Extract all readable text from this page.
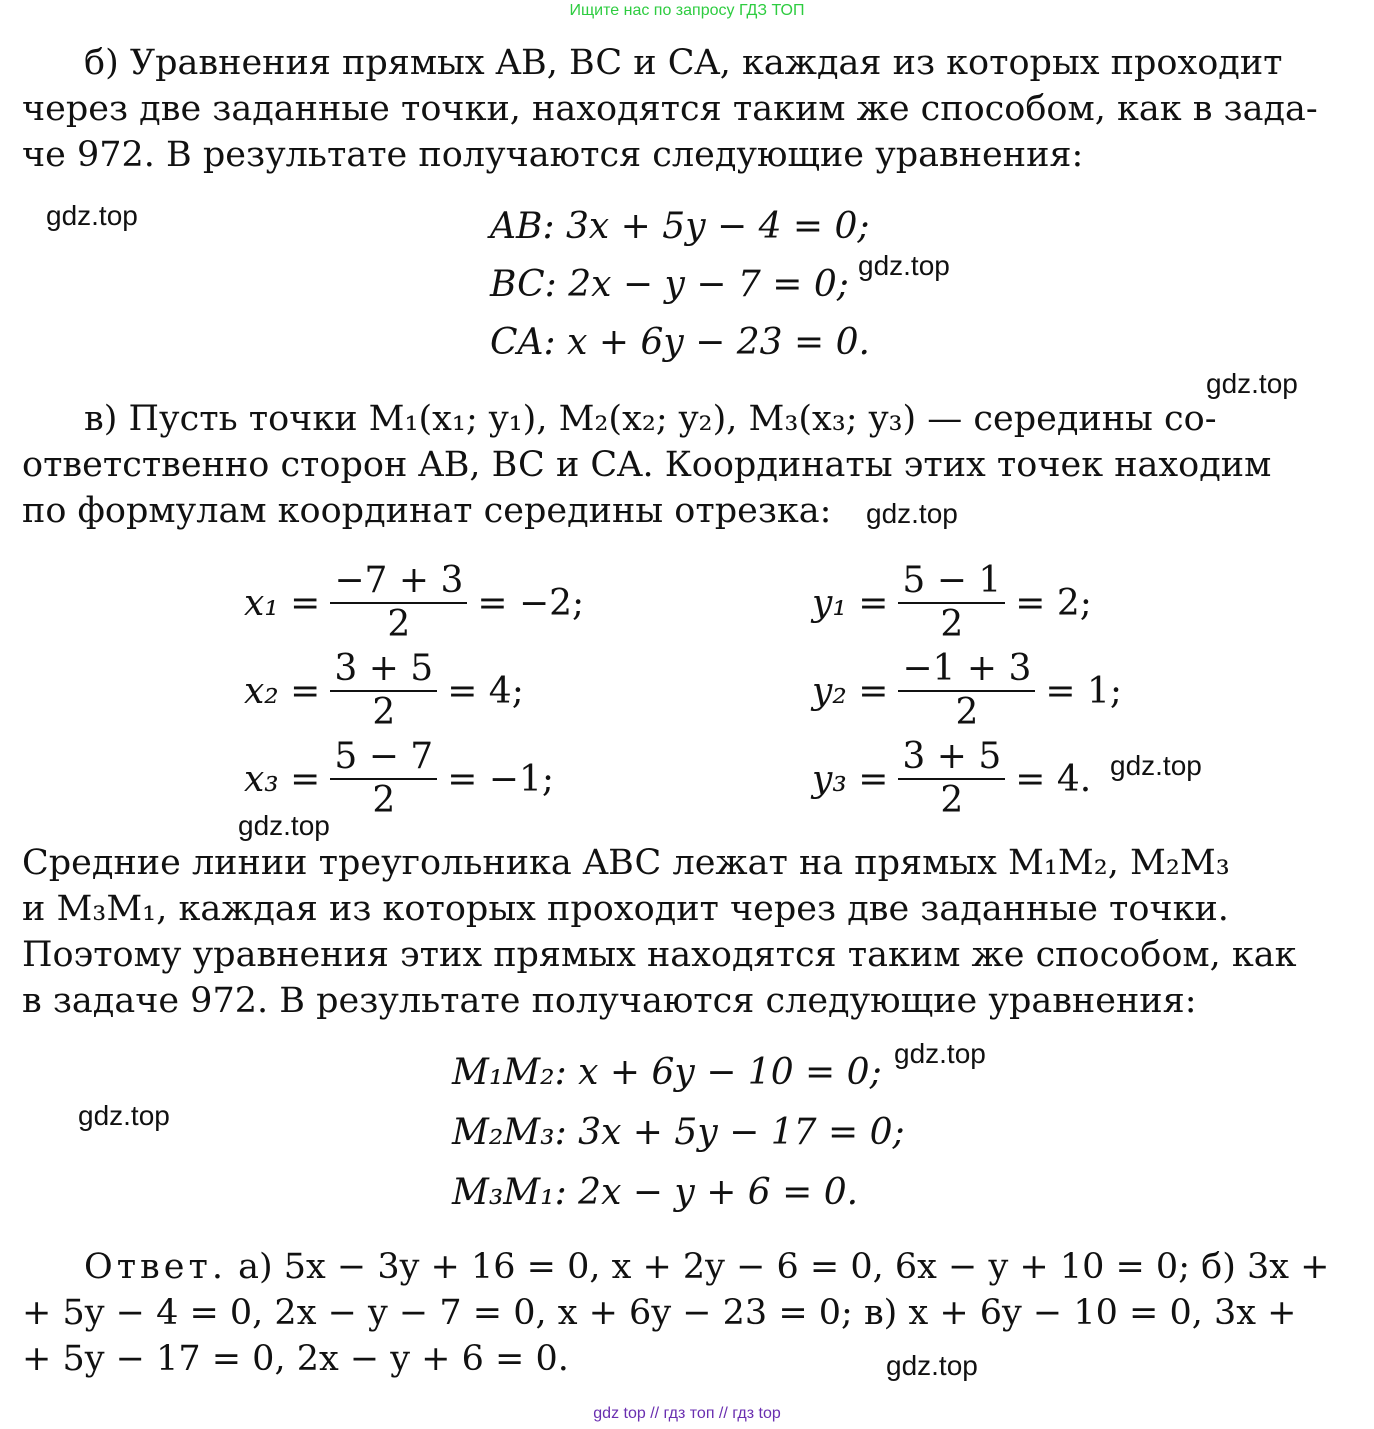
Ищите нас по запросу ГДЗ ТОП
б) Уравнения прямых AB, BC и CA, каждая из которых проходит
через две заданные точки, находятся таким же способом, как в зада-
че 972. В результате получаются следующие уравнения:
gdz.top	AB: 3x + 5y − 4 = 0;
BC: 2x − y − 7 = 0; gdz.top
CA: x + 6y − 23 = 0.
gdz.top
в) Пусть точки M₁(x₁; y₁), M₂(x₂; y₂), M₃(x₃; y₃) — середины со-
ответственно сторон AB, BC и CA. Координаты этих точек находим
по формулам координат середины отрезка:	gdz.top
$x_1 = \frac{-7 + 3}{2} = -2$;	$y_1 = \frac{5 - 1}{2} = 2$;
$x_2 = \frac{3 + 5}{2} = 4$;	$y_2 = \frac{-1 + 3}{2} = 1$;
$x_3 = \frac{5 - 7}{2} = -1$;	$y_3 = \frac{3 + 5}{2} = 4$. gdz.top
gdz.top
Средние линии треугольника ABC лежат на прямых M₁M₂, M₂M₃
и M₃M₁, каждая из которых проходит через две заданные точки.
Поэтому уравнения этих прямых находятся таким же способом, как
в задаче 972. В результате получаются следующие уравнения:
M₁M₂: x + 6y − 10 = 0; gdz.top
gdz.top	M₂M₃: 3x + 5y − 17 = 0;
M₃M₁: 2x − y + 6 = 0.
Ответ. а) 5x − 3y + 16 = 0, x + 2y − 6 = 0, 6x − y + 10 = 0; б) 3x +
+ 5y − 4 = 0, 2x − y − 7 = 0, x + 6y − 23 = 0; в) x + 6y − 10 = 0, 3x +
+ 5y − 17 = 0, 2x − y + 6 = 0.	gdz.top
gdz top // гдз топ // гдз top
